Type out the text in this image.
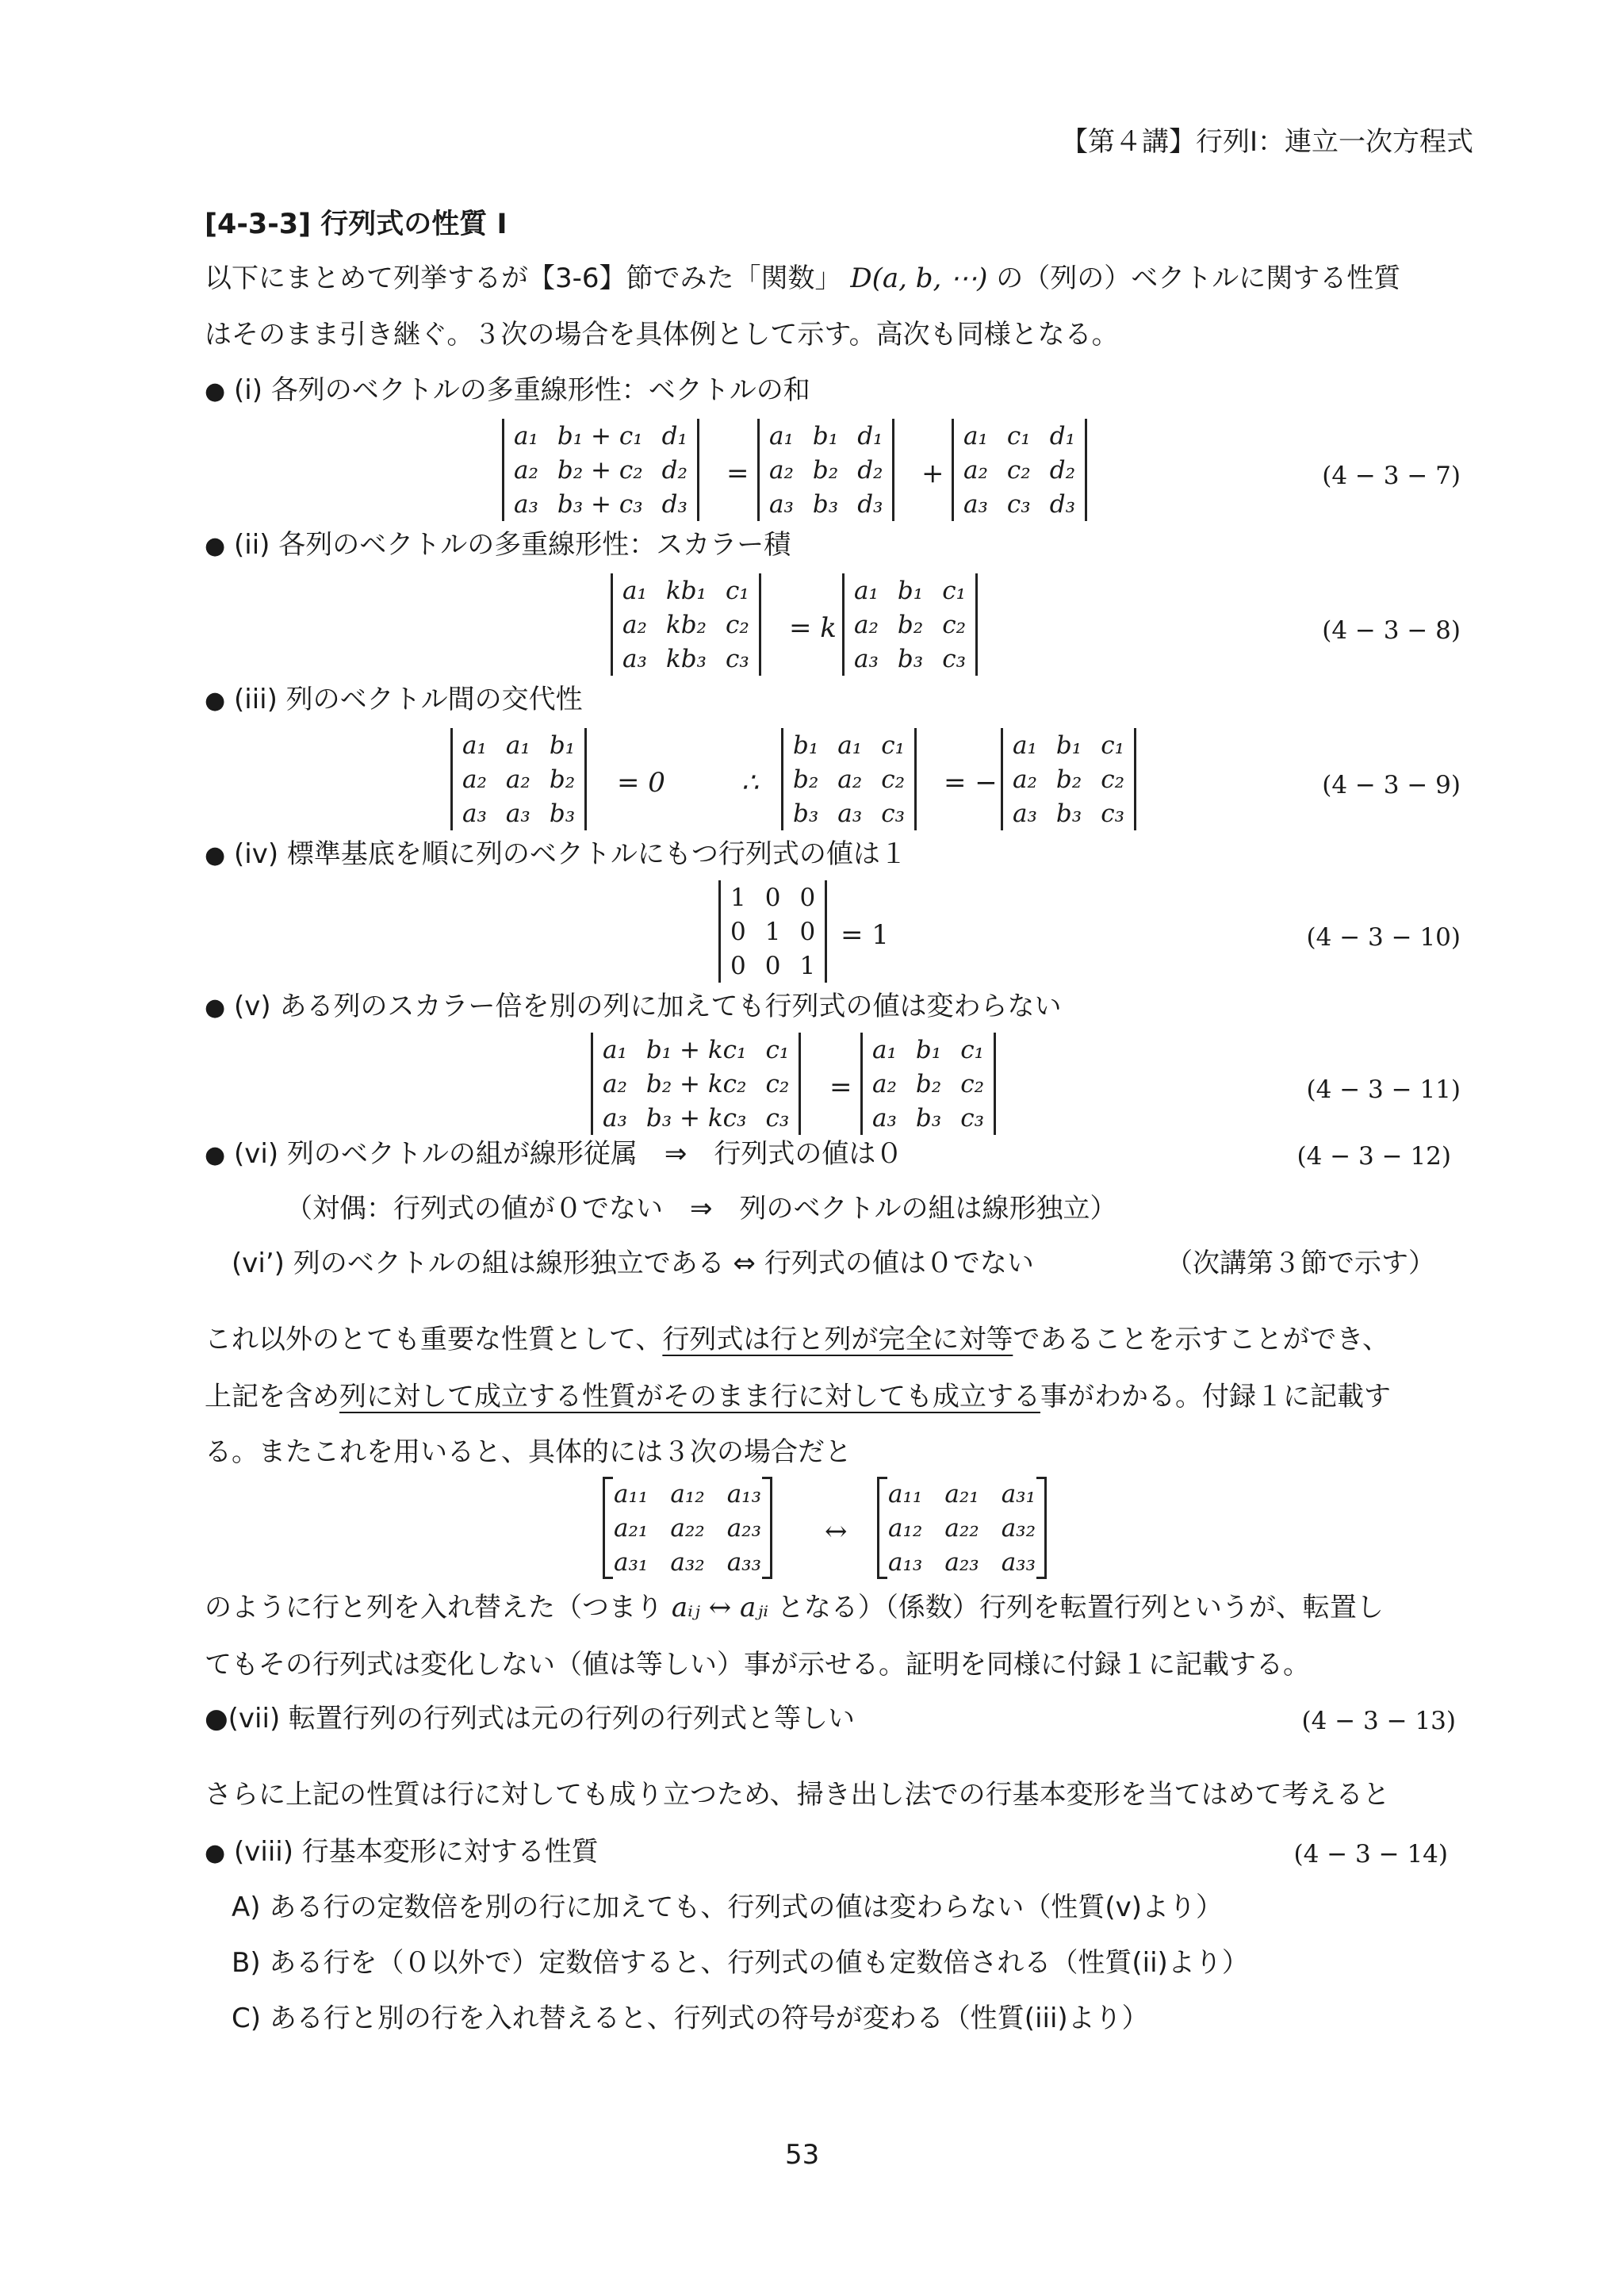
【第４講】行列Ⅰ：連立一次方程式
[4-3-3] 行列式の性質 Ⅰ
以下にまとめて列挙するが【3-6】節でみた「関数」 D(a, b, ⋯) の（列の）ベクトルに関する性質
はそのまま引き継ぐ。３次の場合を具体例として示す。高次も同様となる。
● (i) 各列のベクトルの多重線形性：ベクトルの和
a₁	b₁ + c₁	d₁
a₂	b₂ + c₂	d₂
a₃	b₃ + c₃	d₃
=
a₁	b₁	d₁
a₂	b₂	d₂
a₃	b₃	d₃
+
a₁	c₁	d₁
a₂	c₂	d₂
a₃	c₃	d₃
(4 − 3 − 7)
● (ii) 各列のベクトルの多重線形性：スカラー積
a₁	kb₁	c₁
a₂	kb₂	c₂
a₃	kb₃	c₃
= k
a₁	b₁	c₁
a₂	b₂	c₂
a₃	b₃	c₃
(4 − 3 − 8)
● (iii) 列のベクトル間の交代性
a₁	a₁	b₁
a₂	a₂	b₂
a₃	a₃	b₃
= 0	∴
b₁	a₁	c₁
b₂	a₂	c₂
b₃	a₃	c₃
= −
a₁	b₁	c₁
a₂	b₂	c₂
a₃	b₃	c₃
(4 − 3 − 9)
● (iv) 標準基底を順に列のベクトルにもつ行列式の値は１
1	0	0
0	1	0
0	0	1
= 1	(4 − 3 − 10)
● (v) ある列のスカラー倍を別の列に加えても行列式の値は変わらない
a₁	b₁ + kc₁	c₁
a₂	b₂ + kc₂	c₂
a₃	b₃ + kc₃	c₃
=
a₁	b₁	c₁
a₂	b₂	c₂
a₃	b₃	c₃
(4 − 3 − 11)
● (vi) 列のベクトルの組が線形従属　⇒　行列式の値は０	(4 − 3 − 12)
（対偶：行列式の値が０でない　⇒　列のベクトルの組は線形独立）
(vi’) 列のベクトルの組は線形独立である ⇔ 行列式の値は０でない	（次講第３節で示す）
これ以外のとても重要な性質として、行列式は行と列が完全に対等であることを示すことができ、
上記を含め列に対して成立する性質がそのまま行に対しても成立する事がわかる。付録１に記載す
る。またこれを用いると、具体的には３次の場合だと
a₁₁	a₁₂	a₁₃
a₂₁	a₂₂	a₂₃
a₃₁	a₃₂	a₃₃
↔
a₁₁	a₂₁	a₃₁
a₁₂	a₂₂	a₃₂
a₁₃	a₂₃	a₃₃
のように行と列を入れ替えた（つまり aᵢⱼ ↔ aⱼᵢ となる）（係数）行列を転置行列というが、転置し
てもその行列式は変化しない（値は等しい）事が示せる。証明を同様に付録１に記載する。
●(vii) 転置行列の行列式は元の行列の行列式と等しい	(4 − 3 − 13)
さらに上記の性質は行に対しても成り立つため、掃き出し法での行基本変形を当てはめて考えると
● (viii) 行基本変形に対する性質	(4 − 3 − 14)
A) ある行の定数倍を別の行に加えても、行列式の値は変わらない（性質(v)より）
B) ある行を（０以外で）定数倍すると、行列式の値も定数倍される（性質(ii)より）
C) ある行と別の行を入れ替えると、行列式の符号が変わる（性質(iii)より）
53
